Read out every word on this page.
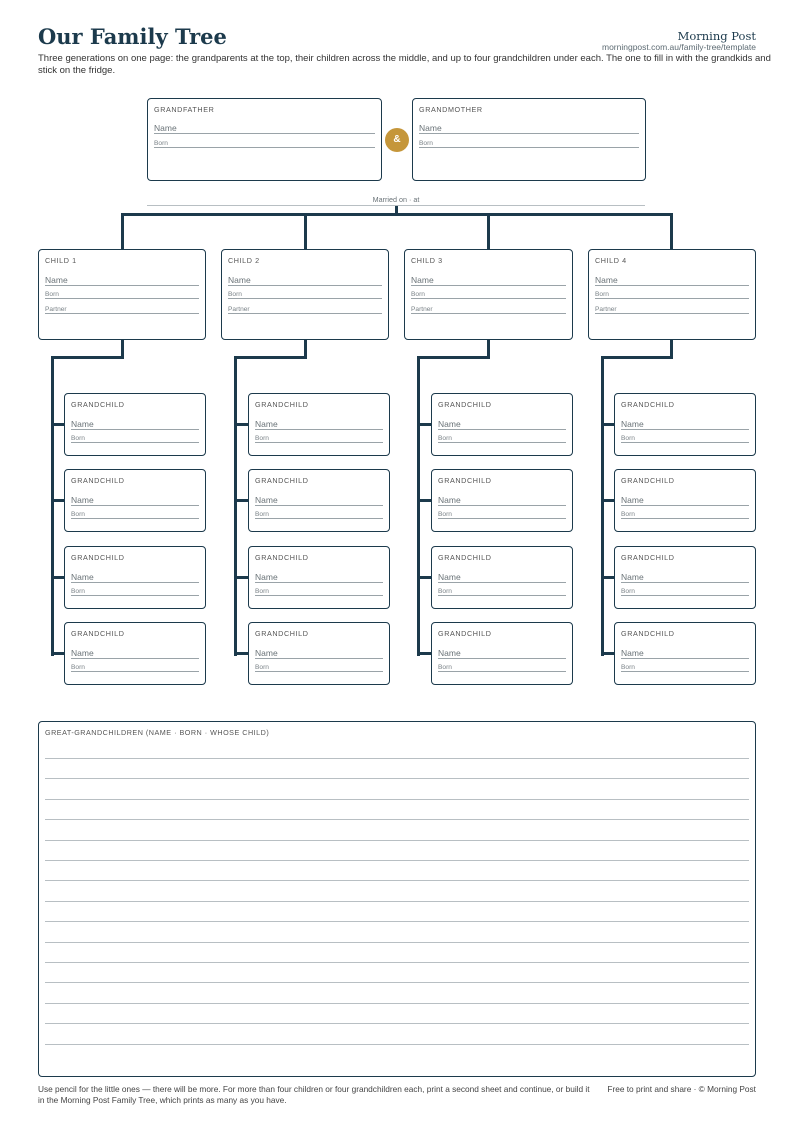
Our Family Tree	Morning Post
morningpost.com.au/family-tree/template
Three generations on one page: the grandparents at the top, their children across the middle, and up to four grandchildren under each. The one to fill in with the grandkids and stick on the fridge.
GRANDFATHER
Name
Born	&
GRANDMOTHER
Name
Born
Married on · at
CHILD 1
Name
Born
Partner
CHILD 2
Name
Born
Partner
CHILD 3
Name
Born
Partner
CHILD 4
Name
Born
Partner
GRANDCHILD
Name
Born
GRANDCHILD
Name
Born
GRANDCHILD
Name
Born
GRANDCHILD
Name
Born
GRANDCHILD
Name
Born
GRANDCHILD
Name
Born
GRANDCHILD
Name
Born
GRANDCHILD
Name
Born
GRANDCHILD
Name
Born
GRANDCHILD
Name
Born
GRANDCHILD
Name
Born
GRANDCHILD
Name
Born
GRANDCHILD
Name
Born
GRANDCHILD
Name
Born
GRANDCHILD
Name
Born
GRANDCHILD
Name
Born
GREAT-GRANDCHILDREN (NAME · BORN · WHOSE CHILD)
Use pencil for the little ones — there will be more. For more than four children or four grandchildren each, print a second sheet and continue, or build it in the Morning Post Family Tree, which prints as many as you have.
Free to print and share · © Morning Post
